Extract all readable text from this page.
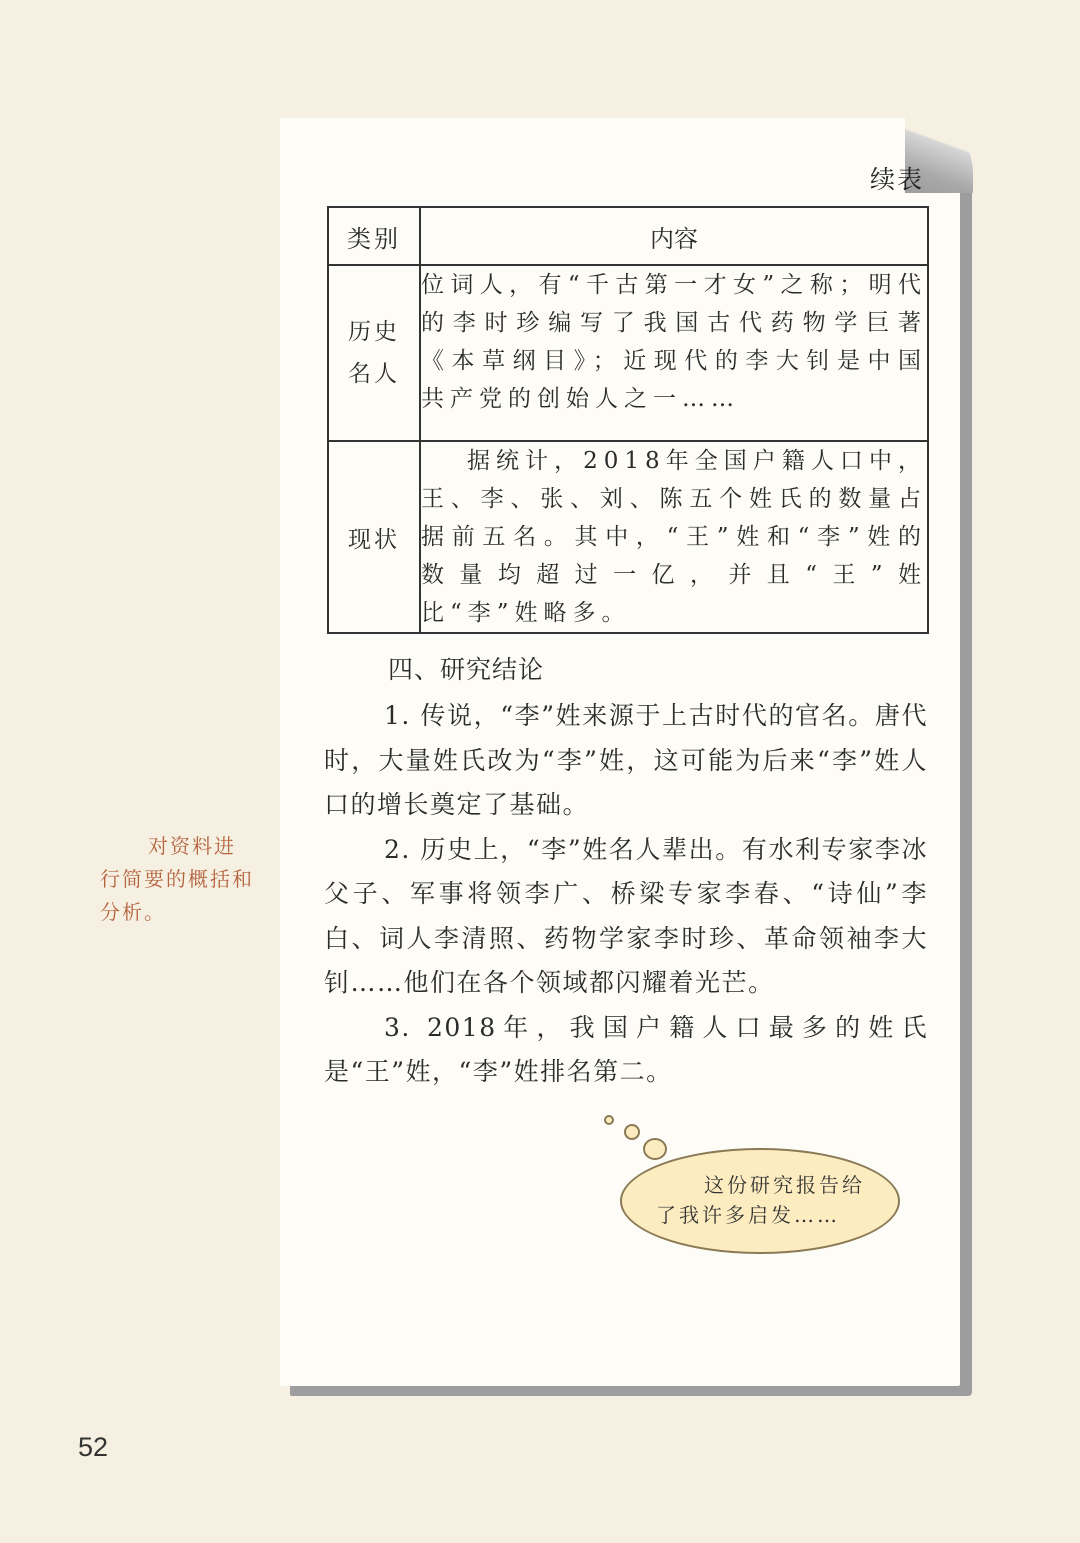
续表
类别	内容
历史名人	位词人，有“千古第一才女”之称；明代的李时珍编写了我国古代药物学巨著《本草纲目》；近现代的李大钊是中国共产党的创始人之一……
现状	据统计，2018年全国户籍人口中，王、李、张、刘、陈五个姓氏的数量占据前五名。其中，“王”姓和“李”姓的数量均超过一亿，并且“王”姓比“李”姓略多。
四、研究结论

1. 传说，“李”姓来源于上古时代的官名。唐代时，大量姓氏改为“李”姓，这可能为后来“李”姓人口的增长奠定了基础。

2. 历史上，“李”姓名人辈出。有水利专家李冰父子、军事将领李广、桥梁专家李春、“诗仙”李白、词人李清照、药物学家李时珍、革命领袖李大钊……他们在各个领域都闪耀着光芒。

3. 2018年，我国户籍人口最多的姓氏是“王”姓，“李”姓排名第二。

对资料进行简要的概括和分析。
这份研究报告给了我许多启发……
52
